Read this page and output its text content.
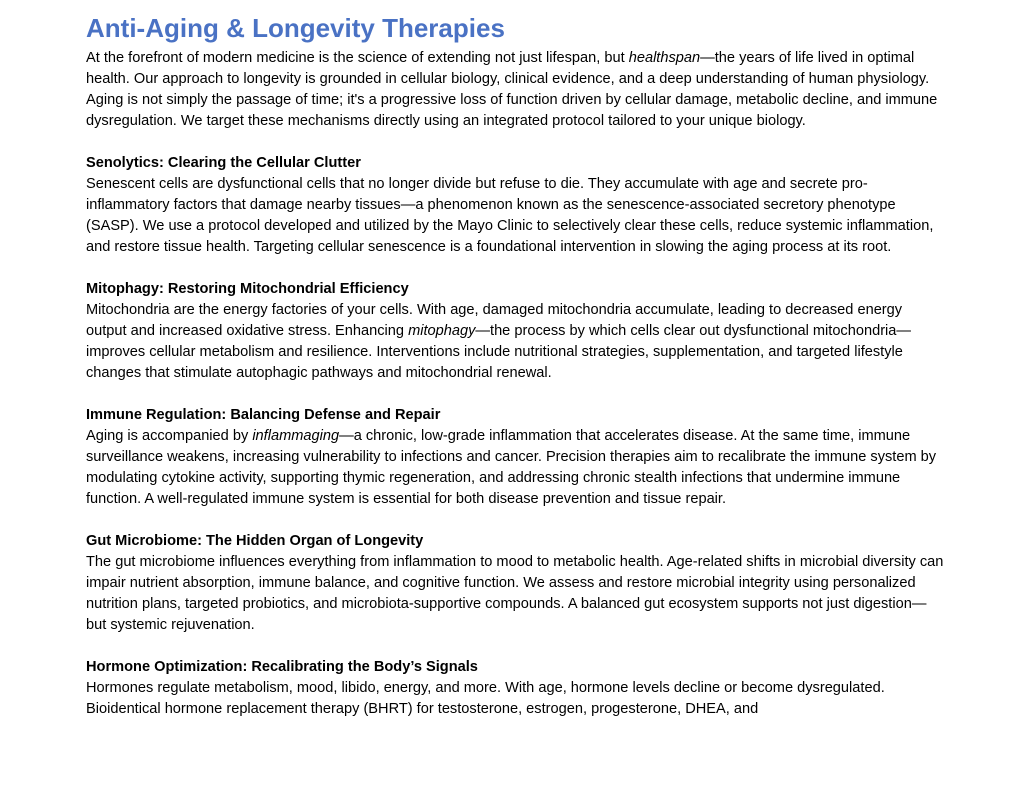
Anti-Aging & Longevity Therapies

At the forefront of modern medicine is the science of extending not just lifespan, but healthspan—the years of life lived in optimal health. Our approach to longevity is grounded in cellular biology, clinical evidence, and a deep understanding of human physiology. Aging is not simply the passage of time; it's a progressive loss of function driven by cellular damage, metabolic decline, and immune dysregulation. We target these mechanisms directly using an integrated protocol tailored to your unique biology.

Senolytics: Clearing the Cellular Clutter

Senescent cells are dysfunctional cells that no longer divide but refuse to die. They accumulate with age and secrete pro-inflammatory factors that damage nearby tissues—a phenomenon known as the senescence-associated secretory phenotype (SASP). We use a protocol developed and utilized by the Mayo Clinic to selectively clear these cells, reduce systemic inflammation, and restore tissue health. Targeting cellular senescence is a foundational intervention in slowing the aging process at its root.

Mitophagy: Restoring Mitochondrial Efficiency

Mitochondria are the energy factories of your cells. With age, damaged mitochondria accumulate, leading to decreased energy output and increased oxidative stress. Enhancing mitophagy—the process by which cells clear out dysfunctional mitochondria—improves cellular metabolism and resilience. Interventions include nutritional strategies, supplementation, and targeted lifestyle changes that stimulate autophagic pathways and mitochondrial renewal.

Immune Regulation: Balancing Defense and Repair

Aging is accompanied by inflammaging—a chronic, low-grade inflammation that accelerates disease. At the same time, immune surveillance weakens, increasing vulnerability to infections and cancer. Precision therapies aim to recalibrate the immune system by modulating cytokine activity, supporting thymic regeneration, and addressing chronic stealth infections that undermine immune function. A well-regulated immune system is essential for both disease prevention and tissue repair.

Gut Microbiome: The Hidden Organ of Longevity

The gut microbiome influences everything from inflammation to mood to metabolic health. Age-related shifts in microbial diversity can impair nutrient absorption, immune balance, and cognitive function. We assess and restore microbial integrity using personalized nutrition plans, targeted probiotics, and microbiota-supportive compounds. A balanced gut ecosystem supports not just digestion—but systemic rejuvenation.

Hormone Optimization: Recalibrating the Body’s Signals

Hormones regulate metabolism, mood, libido, energy, and more. With age, hormone levels decline or become dysregulated. Bioidentical hormone replacement therapy (BHRT) for testosterone, estrogen, progesterone, DHEA, and
